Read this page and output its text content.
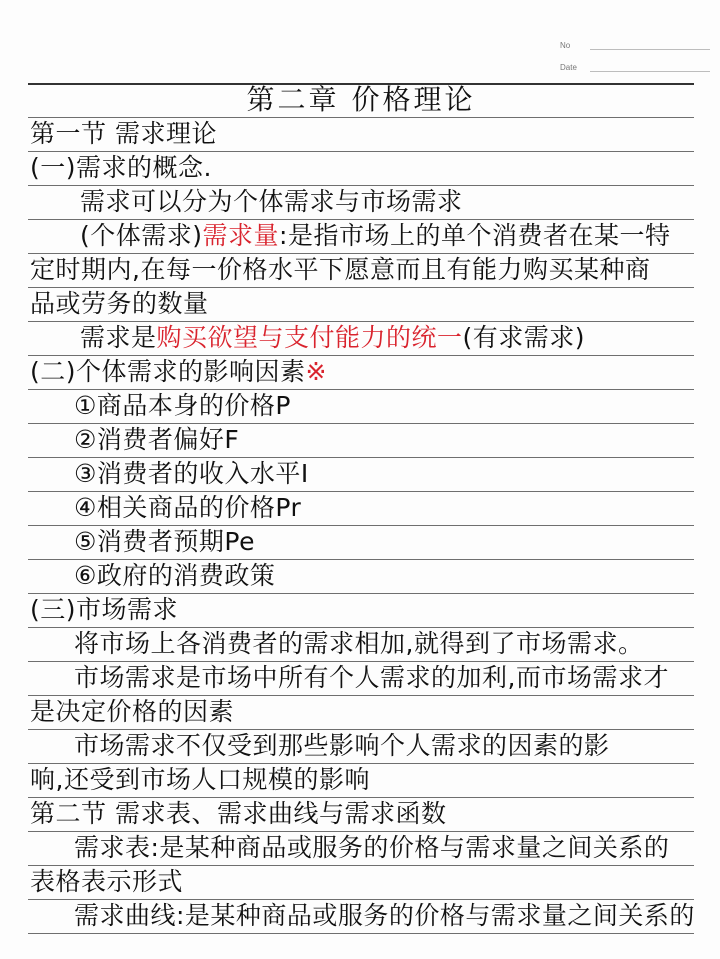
No
Date
第二章 价格理论
第一节 需求理论
(一)需求的概念.
需求可以分为个体需求与市场需求
(个体需求)需求量:是指市场上的单个消费者在某一特
定时期内,在每一价格水平下愿意而且有能力购买某种商
品或劳务的数量
需求是购买欲望与支付能力的统一(有求需求)
(二)个体需求的影响因素※
①商品本身的价格P
②消费者偏好F
③消费者的收入水平I
④相关商品的价格Pr
⑤消费者预期Pe
⑥政府的消费政策
(三)市场需求
将市场上各消费者的需求相加,就得到了市场需求。
市场需求是市场中所有个人需求的加利,而市场需求才
是决定价格的因素
市场需求不仅受到那些影响个人需求的因素的影
响,还受到市场人口规模的影响
第二节 需求表、需求曲线与需求函数
需求表:是某种商品或服务的价格与需求量之间关系的
表格表示形式
需求曲线:是某种商品或服务的价格与需求量之间关系的
